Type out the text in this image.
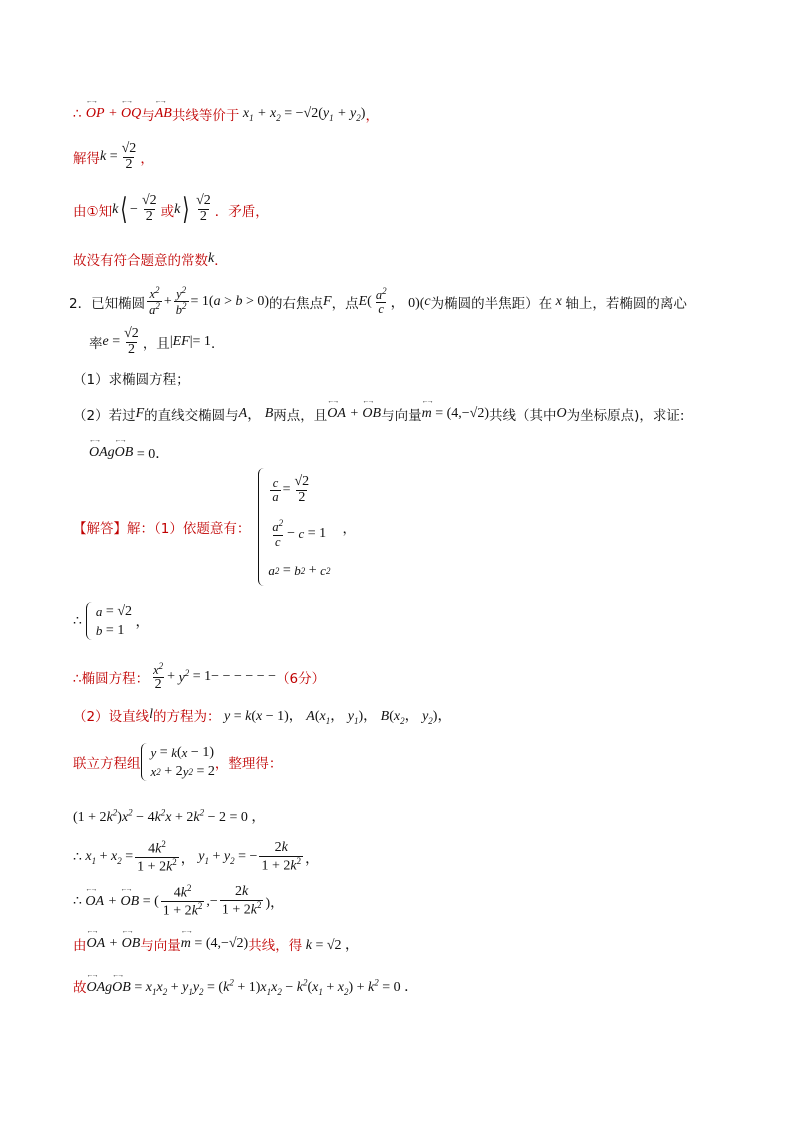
∴
←→ OP + ←→ OQ 与 ←→ AB 共线等价于 $x_1 + x_2 = -√2(y_1 + y_2)$ ，
解得 $k = \frac{√2}{2}$ ，
由①知 k ⟨ − $\frac{√2}{2}$ 或 k ⟩ $\frac{√2}{2}$ ．矛盾，
故没有符合题意的常数 k ．
2． 已知椭圆 $\frac{x^2}{a^2} + \frac{y^2}{b^2} = 1$( a > b > 0) 的右焦点 F ，点 E ( $\frac{a^2}{c}$ ， 0)( c 为椭圆的半焦距）在 x 轴上，若椭圆的离心
率 $e = \frac{√2}{2}$ ，且 | EF |= 1 ．
（1）求椭圆方程；
（2）若过 F 的直线交椭圆与 A ， B 两点，且 ←→ OA + ←→ OB 与向量 ←→ m = (4,−√2) 共线（其中 O 为坐标原点)，求证:
←→ OAg←→ OB = 0．
【解答】 解：（1）依题意有：
$\frac{c}{a} = \frac{√2}{2}$
$\frac{a^2}{c} - c = 1$
a 2 = b 2 + c 2
，
∴
a = √2
b = 1 ，
∴椭圆方程： $\frac{x^2}{2} + y^2 = 1-$ − − − − − （6分）
（2）设直线 l 的方程为： y = k(x − 1)， $A(x_1$， $y_1$)， $B(x_2$， $y_2$)，
联立方程组
y = k ( x − 1)
x 2 + 2 y 2 = 2 ，整理得：
$(1 + 2k^2)x^2 - 4k^2x + 2k^2 - 2 = 0$ ，
∴ $x_1 + x_2 = \frac{4k^2}{1 + 2k^2}$ ， $y_1 + y_2$ = − $\frac{2k}{1 + 2k^2}$ ，
∴ ←→ OA + ←→ OB = ( $\frac{4k^2}{1 + 2k^2}$ ,− $\frac{2k}{1 + 2k^2}$ )，
由 ←→ OA + ←→ OB 与向量 ←→ m = (4,−√2) 共线，得 k = √2 ，
故 ←→ OAg←→ OB = $x_1x_2 + y_1y_2 = (k^2 + 1)x_1x_2 - k^2(x_1 + x_2) + k^2 = 0$ ．
